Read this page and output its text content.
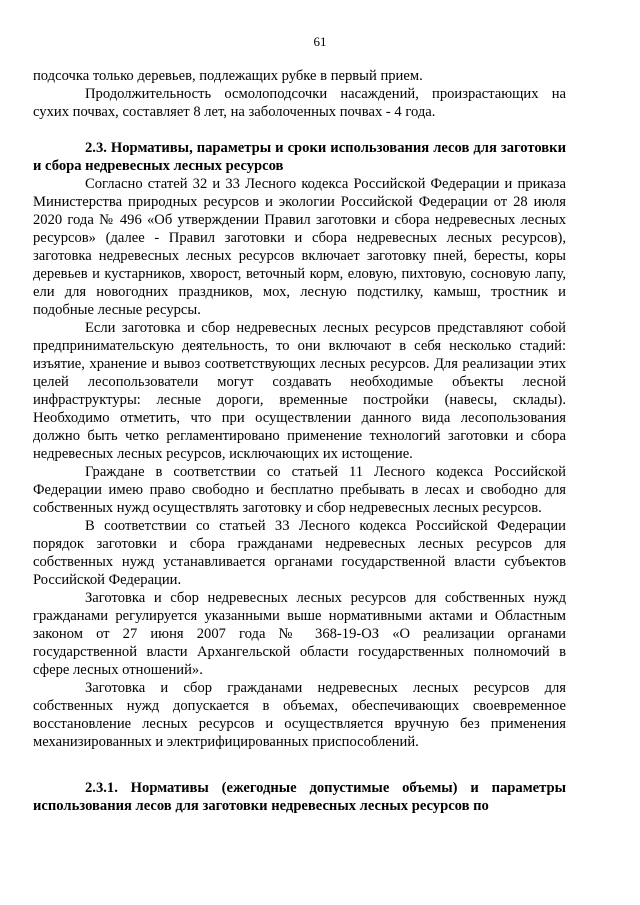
61

подсочка только деревьев, подлежащих рубке в первый прием.

Продолжительность осмолоподсочки насаждений, произрастающих на сухих почвах, составляет 8 лет, на заболоченных почвах - 4 года.

2.3. Нормативы, параметры и сроки использования лесов для заготовки и сбора недревесных лесных ресурсов

Согласно статей 32 и 33 Лесного кодекса Российской Федерации и приказа Министерства природных ресурсов и экологии Российской Федерации от 28 июля 2020 года № 496 «Об утверждении Правил заготовки и сбора недревесных лесных ресурсов» (далее - Правил заготовки и сбора недревесных лесных ресурсов), заготовка недревесных лесных ресурсов включает заготовку пней, бересты, коры деревьев и кустарников, хворост, веточный корм, еловую, пихтовую, сосновую лапу, ели для новогодних праздников, мох, лесную подстилку, камыш, тростник и подобные лесные ресурсы.

Если заготовка и сбор недревесных лесных ресурсов представляют собой предпринимательскую деятельность, то они включают в себя несколько стадий: изъятие, хранение и вывоз соответствующих лесных ресурсов. Для реализации этих целей лесопользователи могут создавать необходимые объекты лесной инфраструктуры: лесные дороги, временные постройки (навесы, склады). Необходимо отметить, что при осуществлении данного вида лесопользования должно быть четко регламентировано применение технологий заготовки и сбора недревесных лесных ресурсов, исключающих их истощение.

Граждане в соответствии со статьей 11 Лесного кодекса Российской Федерации имею право свободно и бесплатно пребывать в лесах и свободно для собственных нужд осуществлять заготовку и сбор недревесных лесных ресурсов.

В соответствии со статьей 33 Лесного кодекса Российской Федерации порядок заготовки и сбора гражданами недревесных лесных ресурсов для собственных нужд устанавливается органами государственной власти субъектов Российской Федерации.

Заготовка и сбор недревесных лесных ресурсов для собственных нужд гражданами регулируется указанными выше нормативными актами и Областным законом от 27 июня 2007 года № 368-19-ОЗ «О реализации органами государственной власти Архангельской области государственных полномочий в сфере лесных отношений».

Заготовка и сбор гражданами недревесных лесных ресурсов для собственных нужд допускается в объемах, обеспечивающих своевременное восстановление лесных ресурсов и осуществляется вручную без применения механизированных и электрифицированных приспособлений.

2.3.1. Нормативы (ежегодные допустимые объемы) и параметры использования лесов для заготовки недревесных лесных ресурсов по
